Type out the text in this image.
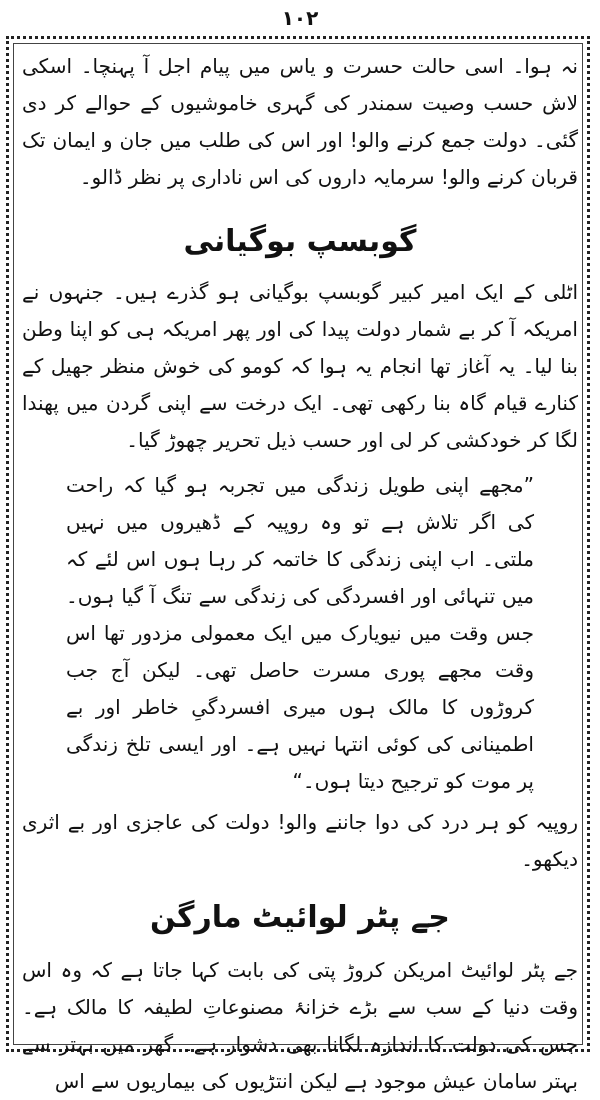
۱۰۲

نہ ہوا۔ اسی حالت حسرت و یاس میں پیام اجل آ پہنچا۔ اسکی لاش حسب وصیت سمندر کی گہری خاموشیوں کے حوالے کر دی گئی۔ دولت جمع کرنے والو! اور اس کی طلب میں جان و ایمان تک قربان کرنے والو! سرمایہ داروں کی اس ناداری پر نظر ڈالو۔

گوبسپ بوگیانی

اٹلی کے ایک امیر کبیر گوبسپ بوگیانی ہو گذرے ہیں۔ جنہوں نے امریکہ آ کر بے شمار دولت پیدا کی اور پھر امریکہ ہی کو اپنا وطن بنا لیا۔ یہ آغاز تھا انجام یہ ہوا کہ کومو کی خوش منظر جھیل کے کنارے قیام گاہ بنا رکھی تھی۔ ایک درخت سے اپنی گردن میں پھندا لگا کر خودکشی کر لی اور حسب ذیل تحریر چھوڑ گیا۔

”مجھے اپنی طویل زندگی میں تجربہ ہو گیا کہ راحت کی اگر تلاش ہے تو وہ روپیہ کے ڈھیروں میں نہیں ملتی۔ اب اپنی زندگی کا خاتمہ کر رہا ہوں اس لئے کہ میں تنہائی اور افسردگی کی زندگی سے تنگ آ گیا ہوں۔ جس وقت میں نیویارک میں ایک معمولی مزدور تھا اس وقت مجھے پوری مسرت حاصل تھی۔ لیکن آج جب کروڑوں کا مالک ہوں میری افسردگیِ خاطر اور بے اطمینانی کی کوئی انتہا نہیں ہے۔ اور ایسی تلخ زندگی پر موت کو ترجیح دیتا ہوں۔“

روپیہ کو ہر درد کی دوا جاننے والو! دولت کی عاجزی اور بے اثری دیکھو۔

جے پٹر لوائیٹ مارگن

جے پٹر لوائیٹ امریکن کروڑ پتی کی بابت کہا جاتا ہے کہ وہ اس وقت دنیا کے سب سے بڑے خزانۂ مصنوعاتِ لطیفہ کا مالک ہے۔ جس کی دولت کا اندازہ لگانا بھی دشوار ہے۔ گھر میں بہتر سے بہتر سامان عیش موجود ہے لیکن انتڑیوں کی بیماریوں سے اس
